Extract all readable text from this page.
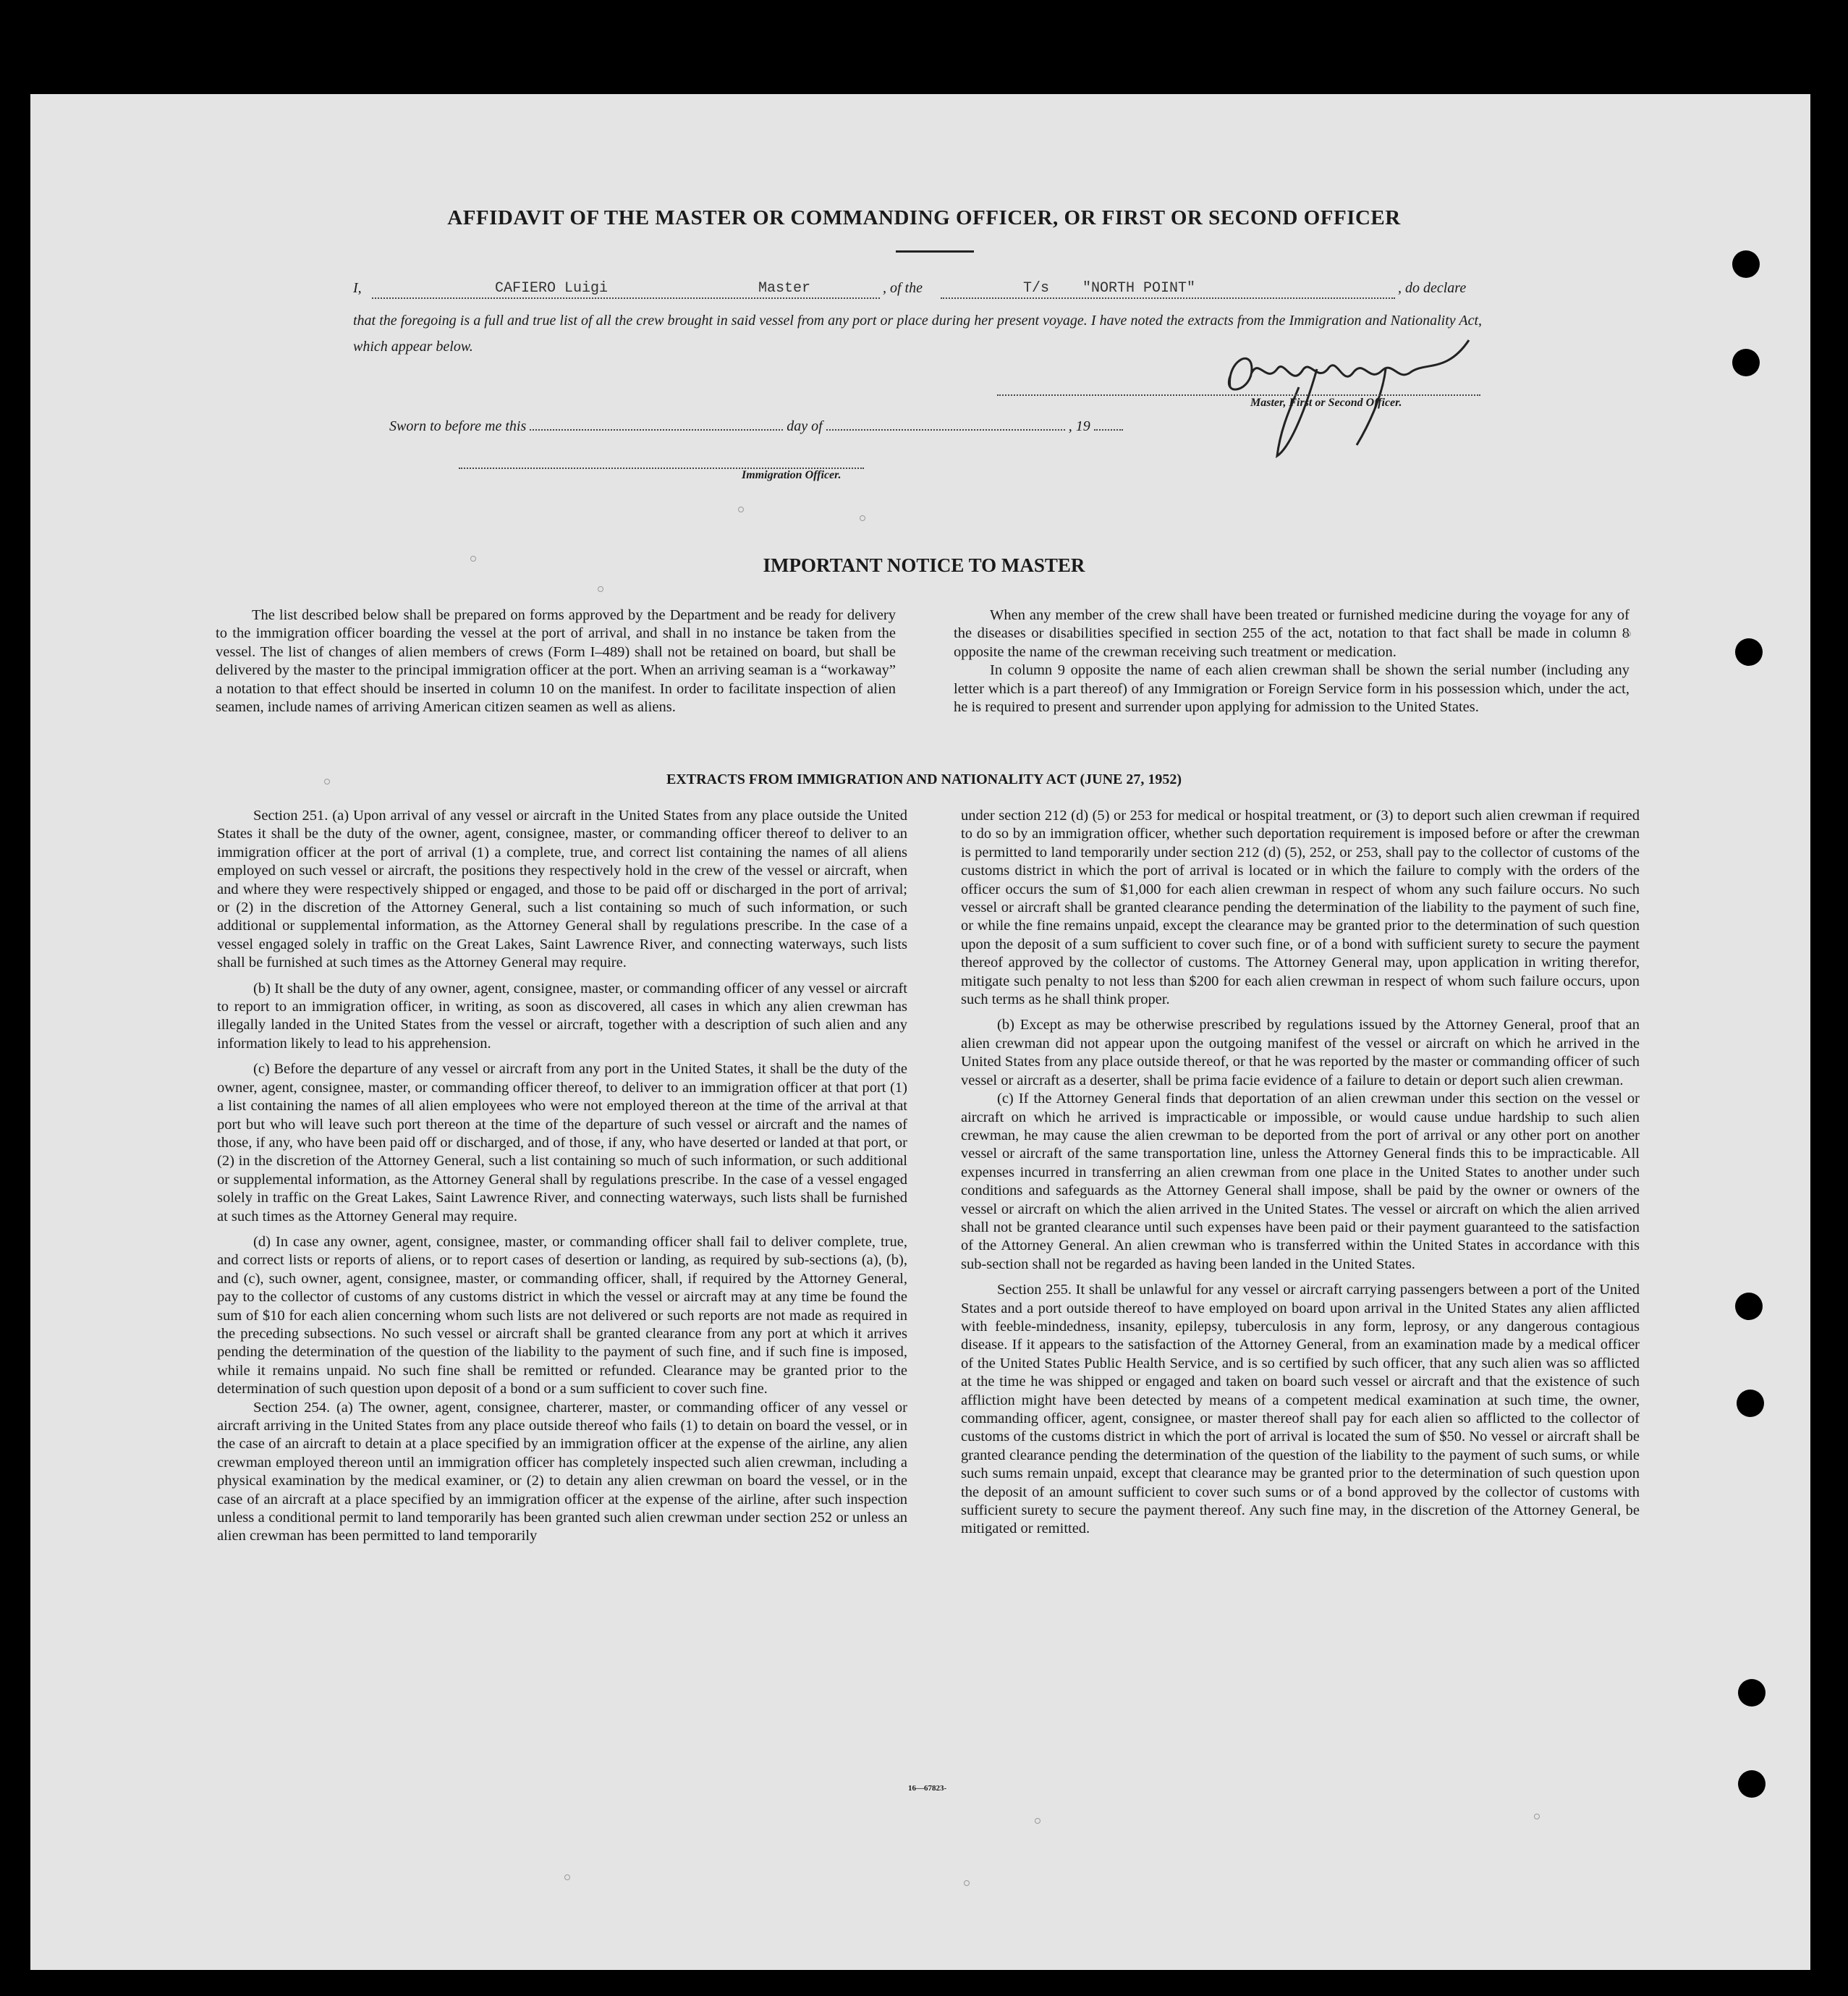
AFFIDAVIT OF THE MASTER OR COMMANDING OFFICER, OR FIRST OR SECOND OFFICER
I,	CAFIERO Luigi	Master	, of the	T/s "NORTH POINT"	, do declare
that the foregoing is a full and true list of all the crew brought in said vessel from any port or place during her present voyage. I have noted the extracts from the Immigration and Nationality Act, which appear below.
Master, First or Second Officer.
Sworn to before me this	day of	, 19
Immigration Officer.
IMPORTANT NOTICE TO MASTER

The list described below shall be prepared on forms approved by the Department and be ready for delivery to the immigration officer boarding the vessel at the port of arrival, and shall in no instance be taken from the vessel. The list of changes of alien members of crews (Form I–489) shall not be retained on board, but shall be delivered by the master to the principal immigration officer at the port. When an arriving seaman is a “workaway” a notation to that effect should be inserted in column 10 on the manifest. In order to facilitate inspection of alien seamen, include names of arriving American citizen seamen as well as aliens.

When any member of the crew shall have been treated or furnished medicine during the voyage for any of the diseases or disabilities specified in section 255 of the act, notation to that fact shall be made in column 8 opposite the name of the crewman receiving such treatment or medication.

In column 9 opposite the name of each alien crewman shall be shown the serial number (including any letter which is a part thereof) of any Immigration or Foreign Service form in his possession which, under the act, he is required to present and surrender upon applying for admission to the United States.

EXTRACTS FROM IMMIGRATION AND NATIONALITY ACT (JUNE 27, 1952)

Section 251. (a) Upon arrival of any vessel or aircraft in the United States from any place outside the United States it shall be the duty of the owner, agent, consignee, master, or commanding officer thereof to deliver to an immigration officer at the port of arrival (1) a complete, true, and correct list containing the names of all aliens employed on such vessel or aircraft, the positions they respectively hold in the crew of the vessel or aircraft, when and where they were respectively shipped or engaged, and those to be paid off or discharged in the port of arrival; or (2) in the discretion of the Attorney General, such a list containing so much of such information, or such additional or supplemental information, as the Attorney General shall by regulations prescribe. In the case of a vessel engaged solely in traffic on the Great Lakes, Saint Lawrence River, and connecting waterways, such lists shall be furnished at such times as the Attorney General may require.

(b) It shall be the duty of any owner, agent, consignee, master, or commanding officer of any vessel or aircraft to report to an immigration officer, in writing, as soon as discovered, all cases in which any alien crewman has illegally landed in the United States from the vessel or aircraft, together with a description of such alien and any information likely to lead to his apprehension.

(c) Before the departure of any vessel or aircraft from any port in the United States, it shall be the duty of the owner, agent, consignee, master, or commanding officer thereof, to deliver to an immigration officer at that port (1) a list containing the names of all alien employees who were not employed thereon at the time of the arrival at that port but who will leave such port thereon at the time of the departure of such vessel or aircraft and the names of those, if any, who have been paid off or discharged, and of those, if any, who have deserted or landed at that port, or (2) in the discretion of the Attorney General, such a list containing so much of such information, or such additional or supplemental information, as the Attorney General shall by regulations prescribe. In the case of a vessel engaged solely in traffic on the Great Lakes, Saint Lawrence River, and connecting waterways, such lists shall be furnished at such times as the Attorney General may require.

(d) In case any owner, agent, consignee, master, or commanding officer shall fail to deliver complete, true, and correct lists or reports of aliens, or to report cases of desertion or landing, as required by sub-sections (a), (b), and (c), such owner, agent, consignee, master, or commanding officer, shall, if required by the Attorney General, pay to the collector of customs of any customs district in which the vessel or aircraft may at any time be found the sum of $10 for each alien concerning whom such lists are not delivered or such reports are not made as required in the preceding subsections. No such vessel or aircraft shall be granted clearance from any port at which it arrives pending the determination of the question of the liability to the payment of such fine, and if such fine is imposed, while it remains unpaid. No such fine shall be remitted or refunded. Clearance may be granted prior to the determination of such question upon deposit of a bond or a sum sufficient to cover such fine.

Section 254. (a) The owner, agent, consignee, charterer, master, or commanding officer of any vessel or aircraft arriving in the United States from any place outside thereof who fails (1) to detain on board the vessel, or in the case of an aircraft to detain at a place specified by an immigration officer at the expense of the airline, any alien crewman employed thereon until an immigration officer has completely inspected such alien crewman, including a physical examination by the medical examiner, or (2) to detain any alien crewman on board the vessel, or in the case of an aircraft at a place specified by an immigration officer at the expense of the airline, after such inspection unless a conditional permit to land temporarily has been granted such alien crewman under section 252 or unless an alien crewman has been permitted to land temporarily

under section 212 (d) (5) or 253 for medical or hospital treatment, or (3) to deport such alien crewman if required to do so by an immigration officer, whether such deportation requirement is imposed before or after the crewman is permitted to land temporarily under section 212 (d) (5), 252, or 253, shall pay to the collector of customs of the customs district in which the port of arrival is located or in which the failure to comply with the orders of the officer occurs the sum of $1,000 for each alien crewman in respect of whom any such failure occurs. No such vessel or aircraft shall be granted clearance pending the determination of the liability to the payment of such fine, or while the fine remains unpaid, except the clearance may be granted prior to the determination of such question upon the deposit of a sum sufficient to cover such fine, or of a bond with sufficient surety to secure the payment thereof approved by the collector of customs. The Attorney General may, upon application in writing therefor, mitigate such penalty to not less than $200 for each alien crewman in respect of whom such failure occurs, upon such terms as he shall think proper.

(b) Except as may be otherwise prescribed by regulations issued by the Attorney General, proof that an alien crewman did not appear upon the outgoing manifest of the vessel or aircraft on which he arrived in the United States from any place outside thereof, or that he was reported by the master or commanding officer of such vessel or aircraft as a deserter, shall be prima facie evidence of a failure to detain or deport such alien crewman.

(c) If the Attorney General finds that deportation of an alien crewman under this section on the vessel or aircraft on which he arrived is impracticable or impossible, or would cause undue hardship to such alien crewman, he may cause the alien crewman to be deported from the port of arrival or any other port on another vessel or aircraft of the same transportation line, unless the Attorney General finds this to be impracticable. All expenses incurred in transferring an alien crewman from one place in the United States to another under such conditions and safeguards as the Attorney General shall impose, shall be paid by the owner or owners of the vessel or aircraft on which the alien arrived in the United States. The vessel or aircraft on which the alien arrived shall not be granted clearance until such expenses have been paid or their payment guaranteed to the satisfaction of the Attorney General. An alien crewman who is transferred within the United States in accordance with this sub-section shall not be regarded as having been landed in the United States.

Section 255. It shall be unlawful for any vessel or aircraft carrying passengers between a port of the United States and a port outside thereof to have employed on board upon arrival in the United States any alien afflicted with feeble-mindedness, insanity, epilepsy, tuberculosis in any form, leprosy, or any dangerous contagious disease. If it appears to the satisfaction of the Attorney General, from an examination made by a medical officer of the United States Public Health Service, and is so certified by such officer, that any such alien was so afflicted at the time he was shipped or engaged and taken on board such vessel or aircraft and that the existence of such affliction might have been detected by means of a competent medical examination at such time, the owner, commanding officer, agent, consignee, or master thereof shall pay for each alien so afflicted to the collector of customs of the customs district in which the port of arrival is located the sum of $50. No vessel or aircraft shall be granted clearance pending the determination of the question of the liability to the payment of such sums, or while such sums remain unpaid, except that clearance may be granted prior to the determination of such question upon the deposit of an amount sufficient to cover such sums or of a bond approved by the collector of customs with sufficient surety to secure the payment thereof. Any such fine may, in the discretion of the Attorney General, be mitigated or remitted.

16—67823-
